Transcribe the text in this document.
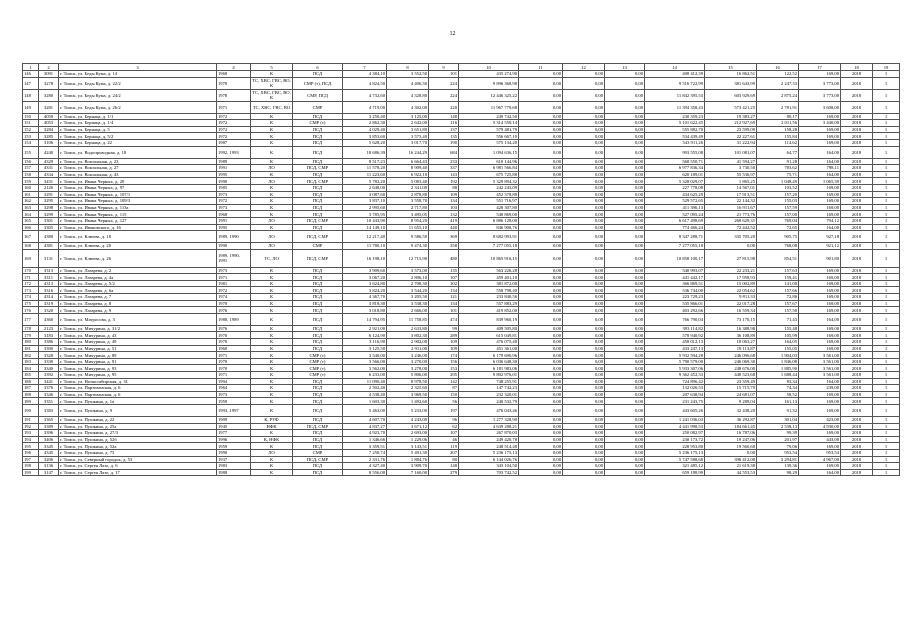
12
1	2	3	4	5	6	7	8	9	10	11	12	13	14	15	16	17	18	19
146	3091	г. Томск, ул. Беды Кума, д. 14	1968	К	ПСД	4 384,10	3 552,50	101	435 274,90	0,00	0,00	0,00	408 412,39	16 862,51	122,52	169,00	2018	1
147	3278	г. Томск, ул. Беды Кума, д. 22/2	1978	ТС, ХВС, ГВС, ВО, К	СМР (т), ПСД	4 824,50	4 406,50	224	9 896 368,98	0,00	0,00	0,00	9 516 722,99	381 643,99	2 247,33	3 773,00	2018	1
148	3280	г. Томск, ул. Беды Кума, д. 24/2	1978	ТС, ХВС, ГВС, ВО, К	СМР, ПСД	4 732,60	4 328,80	224	12 446 325,22	0,00	0,00	0,00	11 842 395,53	603 929,69	2 875,24	3 773,00	2018	1
149	3281	г. Томск, ул. Беды Кума, д. 26/2	1971	ТС, ХВС, ГВС, ВО	СМР	4 719,00	4 302,00	220	11 967 779,68	0,00	0,00	0,00	11 394 358,43	573 421,25	2 781,91	3 608,00	2018	1
150	4050	г. Томск, ул. Бернаца, д. 1/1	1972	К	ПСД	3 250,40	3 125,00	148	249 742,50	0,00	0,00	0,00	230 359,23	19 383,27	80,17	169,00	2018	1
151	4053	г. Томск, ул. Бернаца, д. 1/4	1972	К	СМР (т)	2 862,30	2 642,00	116	5 314 550,14	0,00	0,00	0,00	5 101 622,45	212 927,69	2 011,56	3 440,00	2018	1
152	3284	г. Томск, ул. Бернаца, д. 5	1972	К	ПСД	4 029,40	3 651,80	137	579 481,79	0,00	0,00	0,00	555 882,70	23 599,09	158,28	169,00	2018	1
153	3285	г. Томск, ул. Бернаца, д. 5/2	1972	К	ПСД	3 853,60	3 573,40	135	556 667,10	0,00	0,00	0,00	534 439,49	22 227,61	155,84	169,00	2018	1
154	3106	г. Томск, ул. Бернаца, д. 22	1987	К	ПСД	5 628,20	3 017,70	190	575 134,20	0,00	0,00	0,00	543 911,26	31 222,94	114,62	169,00	2018	1
155	4240	г. Томск, ул. Водопроводная, д. 18	1992, 1993	К	ПСД	18 686,39	16 244,29	684	1 094 636,15	0,00	0,00	0,00	993 555,08	101 081,07	64,77	164,00	2018	1
156	4329	г. Томск, ул. Вокзальная, д. 23	1989	К	ПСД	8 517,23	6 664,43	233	610 144,96	0,00	0,00	0,00	568 550,71	41 594,27	91,28	164,00	2018	1
157	4331	г. Томск, ул. Вокзальная, д. 27	1991	ЛО	ПСД, СМР	11 578,20	8 909,40	337	6 981 566,84	0,00	0,00	0,00	6 977 836,34	3 730,50	783,62	798,11	2018	1
158	4334	г. Томск, ул. Вокзальная, д. 43	1995	К	ПСД	11 223,60	6 922,10	143	675 725,88	0,00	0,00	0,00	620 189,01	55 536,97	75,71	164,00	2018	1
159	3431	г. Томск, ул. Ивана Черных, д. 20	1990	ЛО	ПСД, СМР	5 782,20	5 083,40	192	5 329 894,32	0,00	0,00	0,00	5 328 029,07	1 865,25	1 048,49	1 065,39	2018	1
160	2126	г. Томск, ул. Ивана Черных, д. 97	1985	К	ПСД	2 648,00	2 341,00	88	242 243,09	0,00	0,00	0,00	227 778,08	14 567,01	103,52	169,00	2018	1
161	3291	г. Томск, ул. Ивана Черных, д. 107/1	1973	К	ПСД	3 087,60	2 878,80	109	452 378,80	0,00	0,00	0,00	434 625,29	17 913,51	157,20	169,00	2018	1
162	3295	г. Томск, ул. Ивана Черных, д. 109/3	1972	К	ПСД	3 837,10	3 558,70	134	551 716,97	0,00	0,00	0,00	529 572,65	22 144,32	155,03	169,00	2018	1
163	3298	г. Томск, ул. Ивана Черных, д. 113а	1973	К	ПСД	2 995,60	2 717,80	103	428 307,80	0,00	0,00	0,00	411 396,13	16 911,67	157,59	169,00	2018	1
164	3299	г. Томск, ул. Ивана Черных, д. 115	1968	К	ПСД	3 785,95	3 495,05	132	548 869,00	0,00	0,00	0,00	527 095,24	21 773,76	157,00	169,00	2018	1
165	3301	г. Томск, ул. Ивана Черных, д. 127	1991	ЛО	ПСД, СМР	10 443,90	8 954,20	419	6 886 128,00	0,00	0,00	0,00	6 617 498,69	268 629,31	769,04	794,12	2018	1
166	3305	г. Томск, ул. Ивановского, д. 16	1995	К	ПСД	14 149,10	11 655,10	440	846 908,76	0,00	0,00	0,00	774 466,24	72 442,52	72,65	164,00	2018	1
167	4380	г. Томск, ул. Клюева, д. 18	1989, 1990	ЛО	ПСД, СМР	12 217,40	9 586,50	369	8 682 993,91	0,00	0,00	0,00	8 347 288,71	335 705,20	905,75	927,18	2018	1
168	4381	г. Томск, ул. Клюева, д. 20	1990	ЛО	СМР	11 780,10	9 474,30	358	7 277 055,18	0,00	0,00	0,00	7 277 055,18	0,00	768,08	921,12	2018	1
169	3131	г. Томск, ул. Клюева, д. 26	1989, 1990, 1991	ТС, ЛО	ПСД, СМР	16 198,10	12 715,90	480	10 865 916,15	0,00	0,00	0,00	10 858 100,17	27 815,98	854,51	901,80	2018	1
170	3313	г. Томск, ул. Лазарева, д. 2	1973	К	ПСД	3 909,60	3 573,00	135	563 226,28	0,00	0,00	0,00	540 993,07	22 233,21	157,63	169,00	2018	1
171	3311	г. Томск, ул. Лазарева, д. 4а	1971	К	ПСД	3 067,20	2 806,10	107	459 401,10	0,00	0,00	0,00	441 442,17	17 958,93	159,41	169,00	2018	1
172	4313	г. Томск, ул. Лазарева, д. 5/2	1981	К	ПСД	3 624,80	2 708,30	102	381 872,00	0,00	0,00	0,00	366 869,51	15 002,89	141,00	169,00	2018	1
173	3316	г. Томск, ул. Лазарева, д. 6а	1972	К	ПСД	3 824,20	3 544,20	134	558 798,40	0,00	0,00	0,00	536 744,00	22 054,62	157,66	169,00	2018	1
174	4314	г. Томск, ул. Лазарева, д. 7	1974	К	ПСД	4 367,70	3 205,50	121	233 840,56	0,00	0,00	0,00	223 729,23	9 811,33	72,86	169,00	2018	1
175	3319	г. Томск, ул. Лазарева, д. 8	1970	К	ПСД	3 818,30	3 538,30	134	557 883,29	0,00	0,00	0,00	535 866,01	22 017,28	157,67	169,00	2018	1
176	3320	г. Томск, ул. Лазарева, д. 9	1976	К	ПСД	3 018,80	2 666,00	101	419 852,00	0,00	0,00	0,00	403 292,66	16 559,34	157,50	169,00	2018	1
177	4360	г. Томск, ул. Матросова, д. 3	1988, 1989	К	ПСД	14 794,95	11 758,85	474	839 960,19	0,00	0,00	0,00	766 790,04	73 170,15	71,43	164,00	2018	1
178	2123	г. Томск, ул. Мичурина, д. 31/2	1976	К	ПСД	2 921,00	2 633,80	99	409 505,80	0,00	0,00	0,00	393 114,82	16 388,98	155,48	169,00	2018	1
179	3183	г. Томск, ул. Мичурина, д. 43	1970	К	ПСД	6 124,90	3 802,30	289	615 049,81	0,00	0,00	0,00	578 940,92	36 108,89	105,99	169,00	2018	1
180	3386	г. Томск, ул. Мичурина, д. 49	1970	К	ПСД	3 116,90	2 902,00	109	476 075,40	0,00	0,00	0,00	458 012,13	18 063,27	164,05	169,00	2018	1
181	3390	г. Томск, ул. Мичурина, д. 51	1960	К	ПСД	3 125,50	2 911,00	109	451 361,00	0,00	0,00	0,00	433 247,13	18 113,87	155,05	169,00	2018	1
182	3328	г. Томск, ул. Мичурина, д. 89	1971	К	СМР (т)	3 540,00	3 246,00	174	6 179 690,96	0,00	0,00	0,00	5 932 594,28	246 096,68	1 904,03	3 561,00	2018	1
183	3339	г. Томск, ул. Мичурина, д. 91	1970	К	СМР (т)	3 566,00	3 270,00	156	6 036 648,30	0,00	0,00	0,00	5 790 579,00	246 069,30	1 846,08	3 561,00	2018	1
184	3340	г. Томск, ул. Мичурина, д. 93	1970	К	СМР (т)	3 562,00	3 278,00	153	6 181 983,06	0,00	0,00	0,00	5 933 307,06	248 676,00	1 885,90	3 561,00	2018	1
185	3392	г. Томск, ул. Мичурина, д. 95	1971	К	СМР (т)	6 233,00	5 806,00	295	9 802 976,01	0,00	0,00	0,00	9 362 452,33	440 523,68	1 688,44	3 561,00	2018	1
186	3441	г. Томск, ул. Ноткосибирская, д. 31	1994	К	ПСД	11 090,40	8 978,50	142	748 255,91	0,00	0,00	0,00	724 896,42	23 359,49	83,34	164,00	2018	1
187	3376	г. Томск, ул. Партизанская, д. 6	1964	К	ПСД	2 502,40	2 325,60	87	147 742,23	0,00	0,00	0,00	132 026,53	15 715,70	74,34	239,00	2018	1
188	3346	г. Томск, ул. Партизанская, д. 6	1973	К	ПСД	4 538,40	3 969,50	150	232 320,01	0,00	0,00	0,00	207 638,94	24 681,07	58,52	169,00	2018	1
189	3351	г. Томск, ул. Пушкина, д. 1а	1959	К	ПСД	1 603,30	1 492,60	56	240 532,79	0,00	0,00	0,00	231 243,75	9 289,04	161,13	169,00	2018	1
190	3383	г. Томск, ул. Пушкина, д. 9	1993, 1997	К	ПСД	5 463,00	5 233,00	197	476 043,46	0,00	0,00	0,00	443 605,26	32 438,20	91,32	169,00	2018	1
191	3365	г. Томск, ул. Пушкина, д. 22	1909	К, РУФ	ПСД	4 607,70	4 243,00	96	1 277 328,90	0,00	0,00	0,00	1 241 036,03	36 292,87	301,04	423,00	2018	1
192	3389	г. Томск, ул. Пушкина, д. 25а	1945	НФК	ПСД, СМР	4 837,27	3 671,12	62	4 639 288,21	0,00	0,00	0,00	4 441 998,53	184 661,45	2 538,13	4 930,00	2018	1
193	3396	г. Томск, ул. Пушкина, д. 27/3	1977	К	ПСД	4 923,70	2 693,00	107	267 870,03	0,00	0,00	0,00	250 082,97	16 787,06	99,39	169,00	2018	1
194	3406	г. Томск, ул. Пушкина, д. 52б	1996	К, НФК	ПСД	1 346,66	1 229,06	46	249 420,78	0,00	0,00	0,00	230 173,72	19 247,06	201,97	443,00	2018	1
195	3345	г. Томск, ул. Пушкина, д. 52а	1959	К	ПСД	3 359,51	3 143,51	119	248 514,48	0,00	0,00	0,00	228 953,80	19 560,68	79,06	169,00	2018	1
196	4345	г. Томск, ул. Пушкина, д. 73	1990	ЛО	СМР	7 250,74	5 491,30	207	5 236 175,13	0,00	0,00	0,00	5 236 175,13	0,00	953,54	953,54	2018	1
197	3206	г. Томск, ул. Северный городок, д. 53	1937	К	ПСД, СМР	2 331,76	1 884,76	80	6 144 026,76	0,00	0,00	0,00	5 747 588,68	396 412,08	3 294,81	4 967,00	2018	1
198	3136	г. Томск, ул. Сергея Лазо, д. 6	1983	К	ПСД	4 327,40	3 909,70	148	343 104,50	0,00	0,00	0,00	321 485,12	21 619,38	139,36	169,00	2018	1
199	3147	г. Томск, ул. Сергея Лазо, д. 17	1988	К	ПСД	8 556,00	7 160,00	279	703 742,52	0,00	0,00	0,00	659 188,99	44 553,53	98,29	164,00	2018	1
